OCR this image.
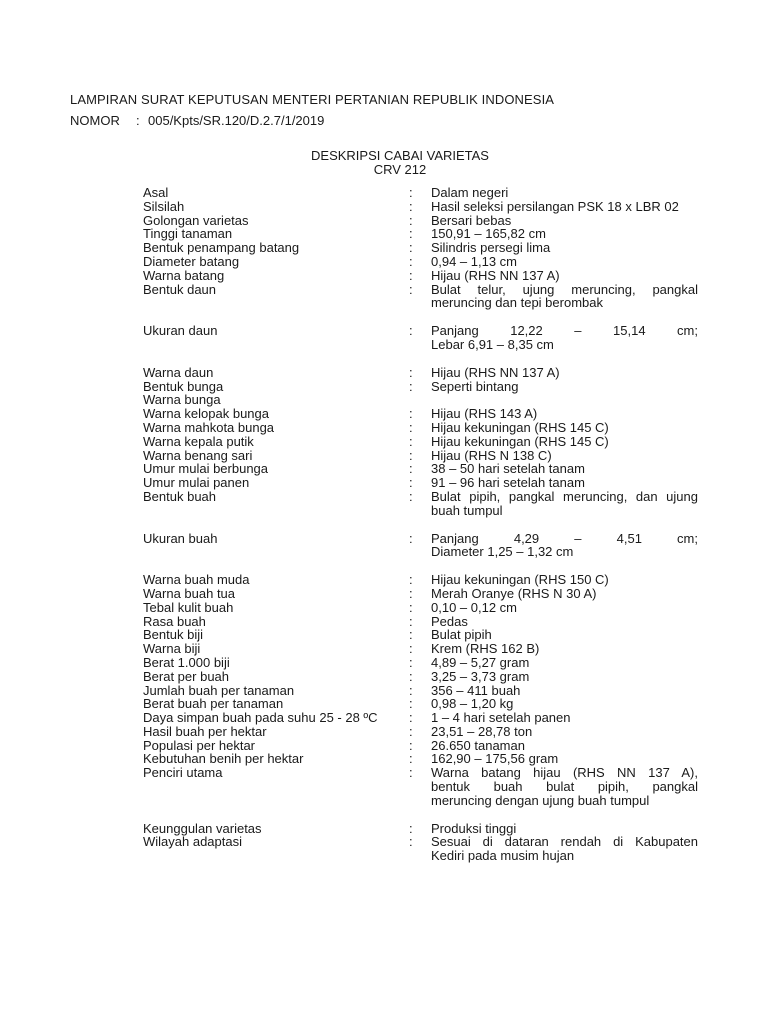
LAMPIRAN SURAT KEPUTUSAN MENTERI PERTANIAN REPUBLIK INDONESIA
NOMOR : 005/Kpts/SR.120/D.2.7/1/2019
DESKRIPSI CABAI VARIETAS
CRV 212
Asal	:	Dalam negeri
Silsilah	:	Hasil seleksi persilangan PSK 18 x LBR 02
Golongan varietas	:	Bersari bebas
Tinggi tanaman	:	150,91 – 165,82 cm
Bentuk penampang batang	:	Silindris persegi lima
Diameter batang	:	0,94 – 1,13 cm
Warna batang	:	Hijau (RHS NN 137 A)
Bentuk daun	:	Bulat telur, ujung meruncing, pangkal
meruncing dan tepi berombak
Ukuran daun	:	Panjang 12,22 – 15,14 cm;
Lebar 6,91 – 8,35 cm
Warna daun	:	Hijau (RHS NN 137 A)
Bentuk bunga	:	Seperti bintang
Warna bunga

Warna kelopak bunga	:	Hijau (RHS 143 A)
Warna mahkota bunga	:	Hijau kekuningan (RHS 145 C)
Warna kepala putik	:	Hijau kekuningan (RHS 145 C)
Warna benang sari	:	Hijau (RHS N 138 C)
Umur mulai berbunga	:	38 – 50 hari setelah tanam
Umur mulai panen	:	91 – 96 hari setelah tanam
Bentuk buah	:	Bulat pipih, pangkal meruncing, dan ujung
buah tumpul
Ukuran buah	:	Panjang 4,29 – 4,51 cm;
Diameter 1,25 – 1,32 cm
Warna buah muda	:	Hijau kekuningan (RHS 150 C)
Warna buah tua	:	Merah Oranye (RHS N 30 A)
Tebal kulit buah	:	0,10 – 0,12 cm
Rasa buah	:	Pedas
Bentuk biji	:	Bulat pipih
Warna biji	:	Krem (RHS 162 B)
Berat 1.000 biji	:	4,89 – 5,27 gram
Berat per buah	:	3,25 – 3,73 gram
Jumlah buah per tanaman	:	356 – 411 buah
Berat buah per tanaman	:	0,98 – 1,20 kg
Daya simpan buah pada suhu 25 - 28 ºC	:	1 – 4 hari setelah panen
Hasil buah per hektar	:	23,51 – 28,78 ton
Populasi per hektar	:	26.650 tanaman
Kebutuhan benih per hektar	:	162,90 – 175,56 gram
Penciri utama	:	Warna batang hijau (RHS NN 137 A),
bentuk buah bulat pipih, pangkal
meruncing dengan ujung buah tumpul
Keunggulan varietas	:	Produksi tinggi
Wilayah adaptasi	:	Sesuai di dataran rendah di Kabupaten
Kediri pada musim hujan
